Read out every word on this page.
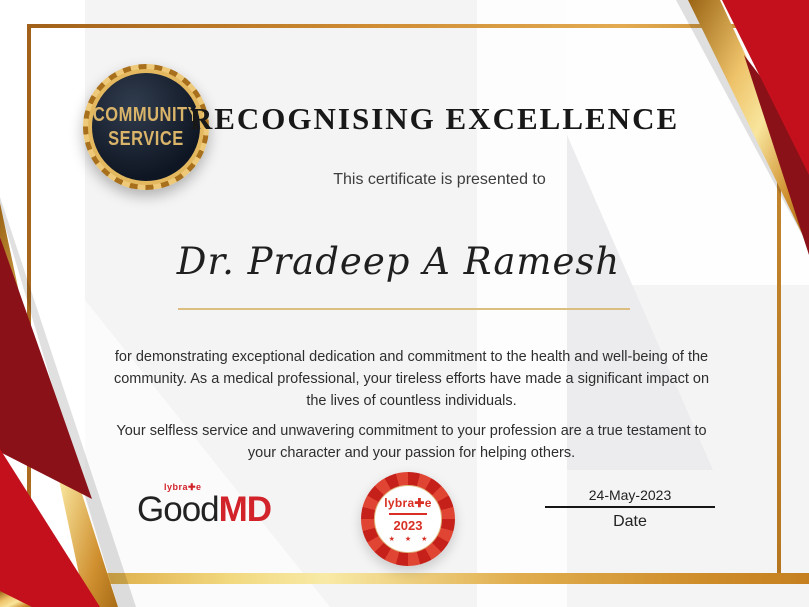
COMMUNITY
SERVICE
RECOGNISING EXCELLENCE

This certificate is presented to

Dr. Pradeep A Ramesh

for demonstrating exceptional dedication and commitment to the health and well-being of the community. As a medical professional, your tireless efforts have made a significant impact on the lives of countless individuals.

Your selfless service and unwavering commitment to your profession are a true testament to your character and your passion for helping others.

lybra✚e
GoodMD	lybra✚e
2023
★ ★ ★
24-May-2023
Date
